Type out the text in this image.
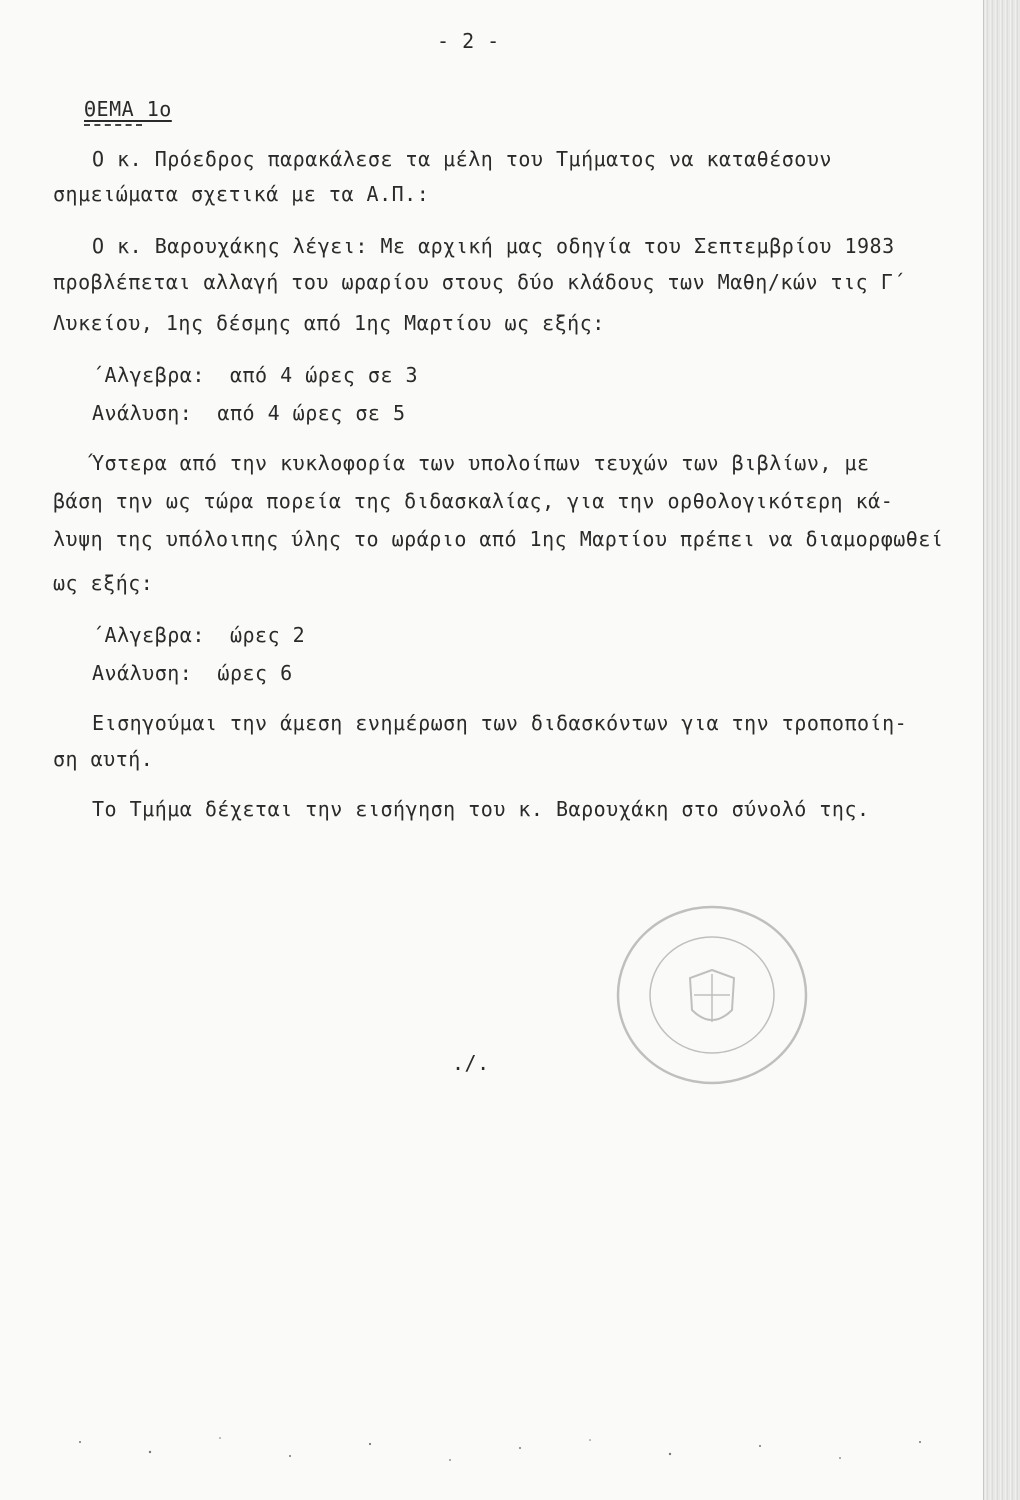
- 2 -
ΘΕΜΑ 1ο
Ο κ. Πρόεδρος παρακάλεσε τα μέλη του Τμήματος να καταθέσουν
σημειώματα σχετικά με τα Α.Π.:
Ο κ. Βαρουχάκης λέγει: Με αρχική μας οδηγία του Σεπτεμβρίου 1983
προβλέπεται αλλαγή του ωραρίου στους δύο κλάδους των Μαθη/κών τις Γ΄
Λυκείου, 1ης δέσμης από 1ης Μαρτίου ως εξής:
΄Αλγεβρα:  από 4 ώρες σε 3
Ανάλυση:  από 4 ώρες σε 5
Ύστερα από την κυκλοφορία των υπολοίπων τευχών των βιβλίων, με
βάση την ως τώρα πορεία της διδασκαλίας, για την ορθολογικότερη κά-
λυψη της υπόλοιπης ύλης το ωράριο από 1ης Μαρτίου πρέπει να διαμορφωθεί
ως εξής:
΄Αλγεβρα:  ώρες 2
Ανάλυση:  ώρες 6
Εισηγούμαι την άμεση ενημέρωση των διδασκόντων για την τροποποίη-
ση αυτή.
Το Τμήμα δέχεται την εισήγηση του κ. Βαρουχάκη στο σύνολό της.
./.
